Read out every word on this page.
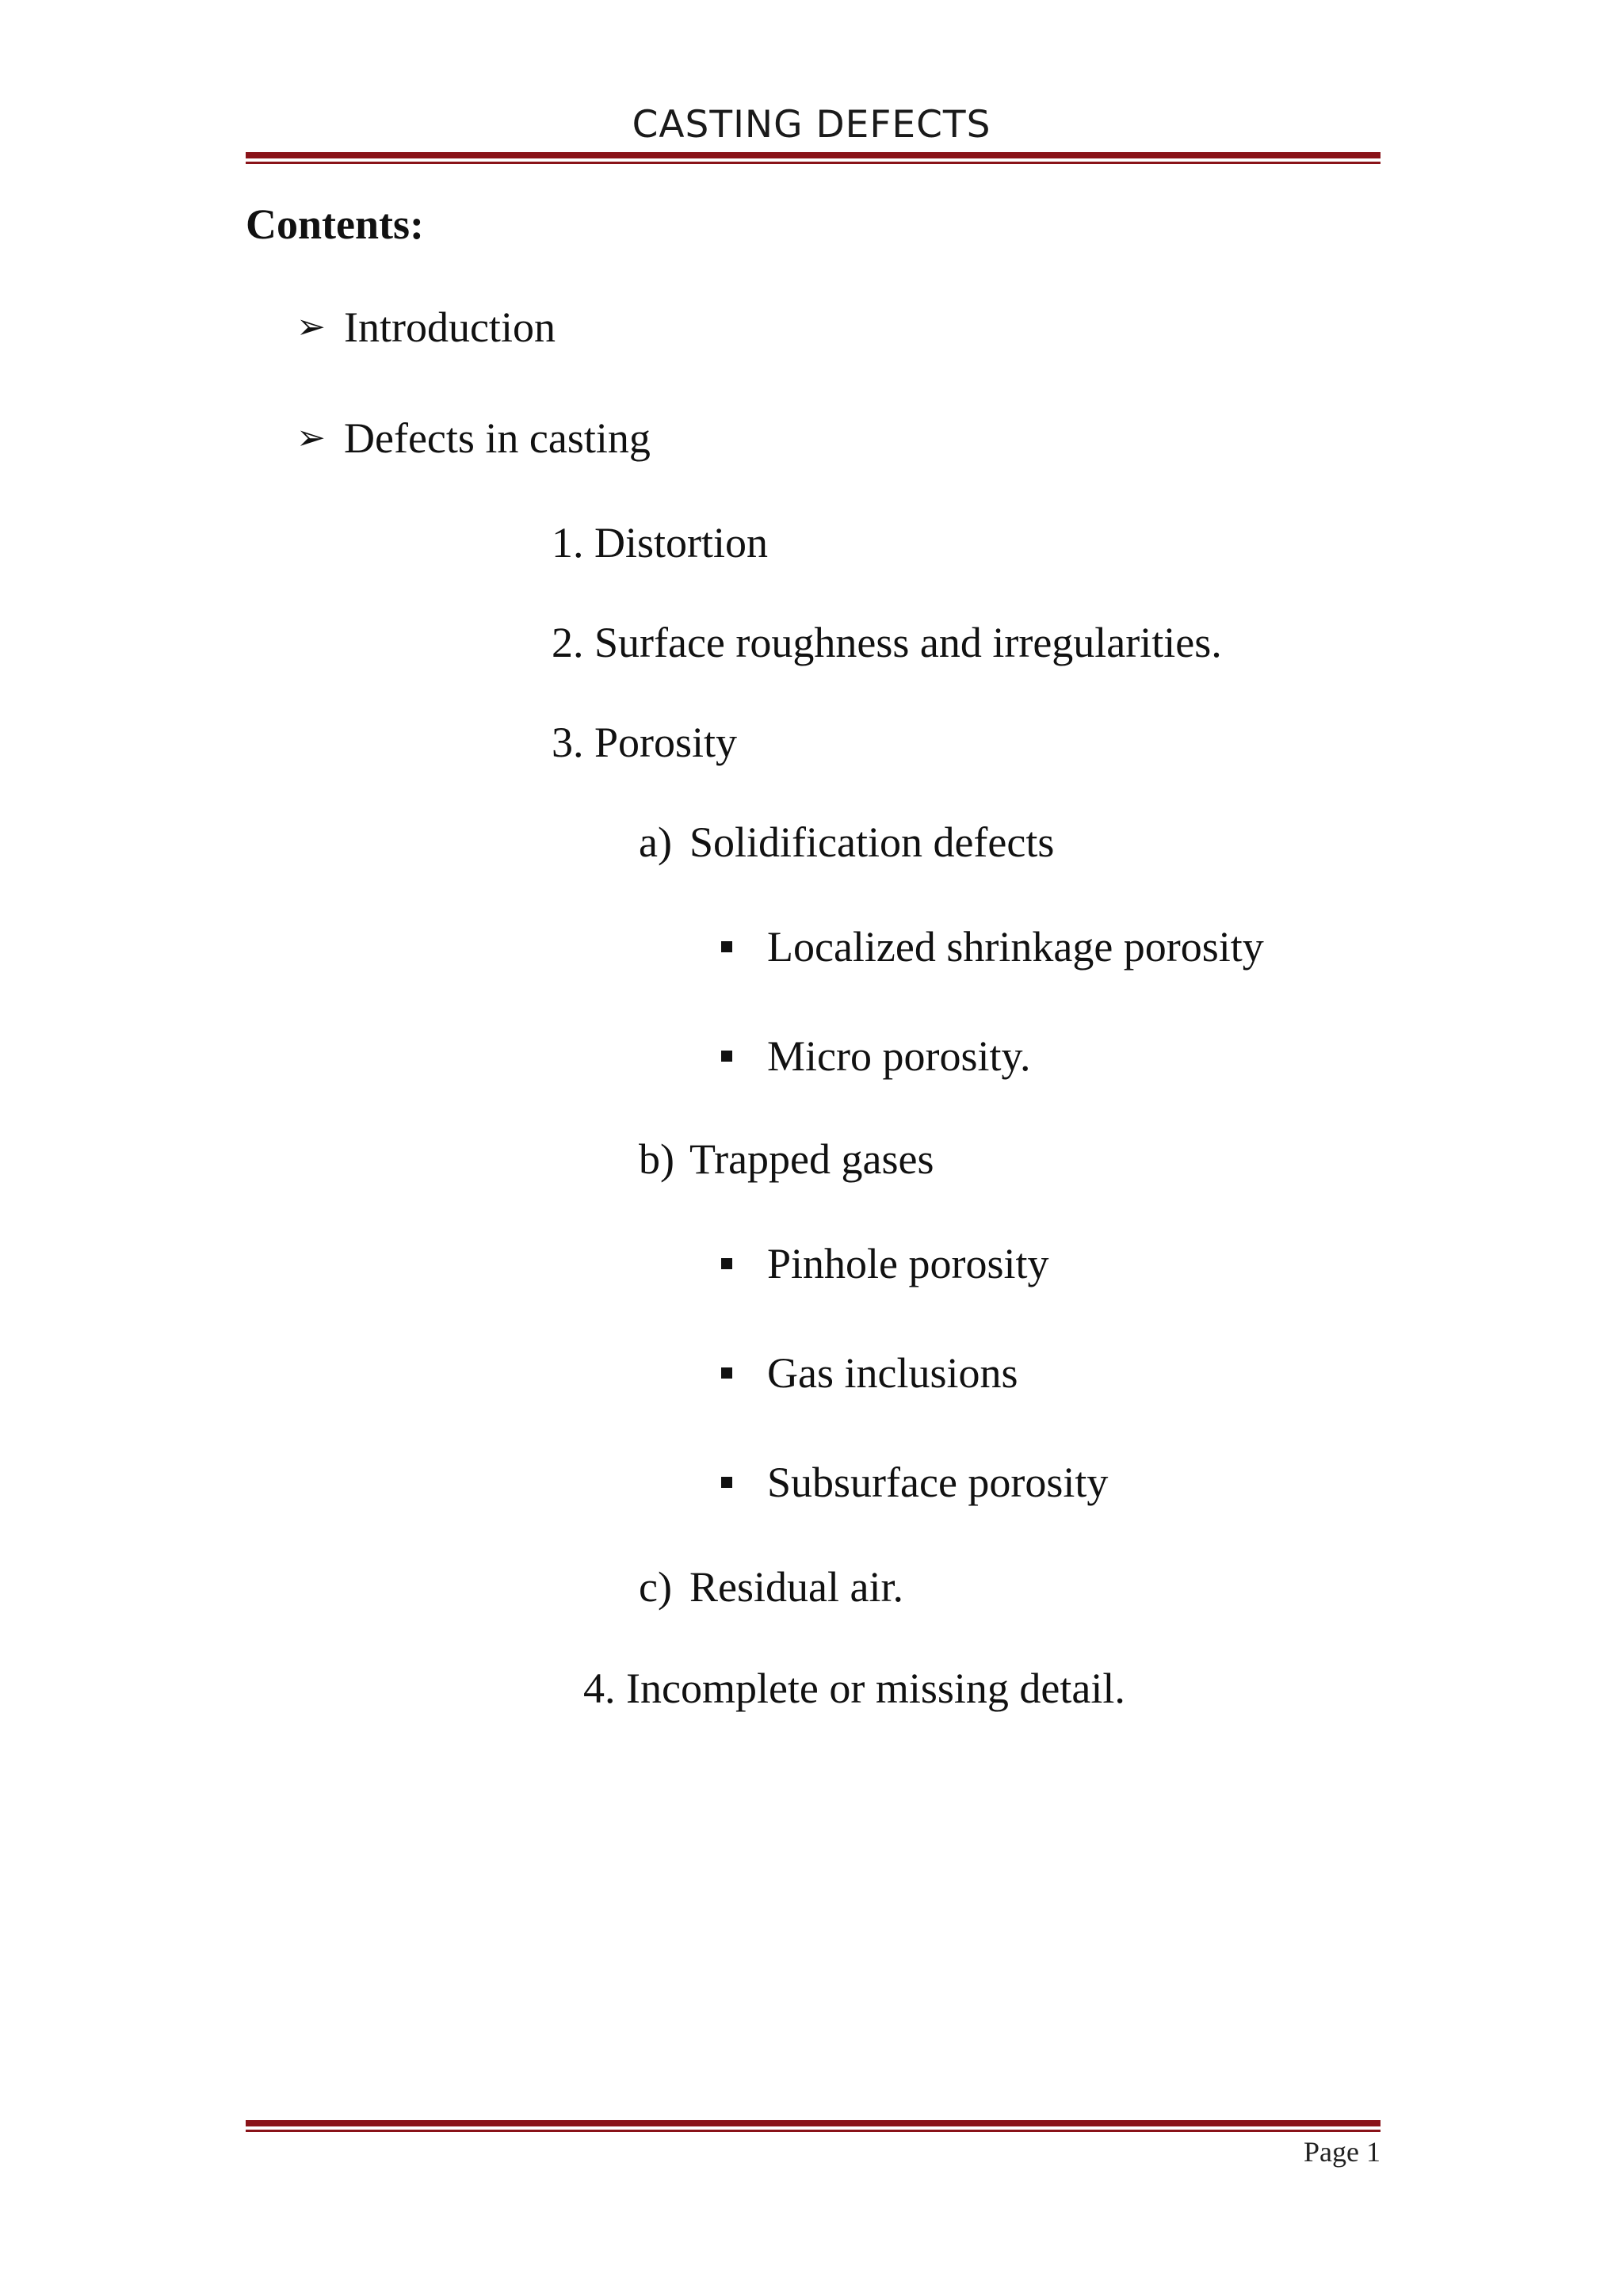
CASTING DEFECTS
Contents:
➢ Introduction
➢ Defects in casting
1. Distortion
2. Surface roughness and irregularities.
3. Porosity
a) Solidification defects
Localized shrinkage porosity
Micro porosity.
b) Trapped gases
Pinhole porosity
Gas inclusions
Subsurface porosity
c) Residual air.
4. Incomplete or missing detail.
Page 1
